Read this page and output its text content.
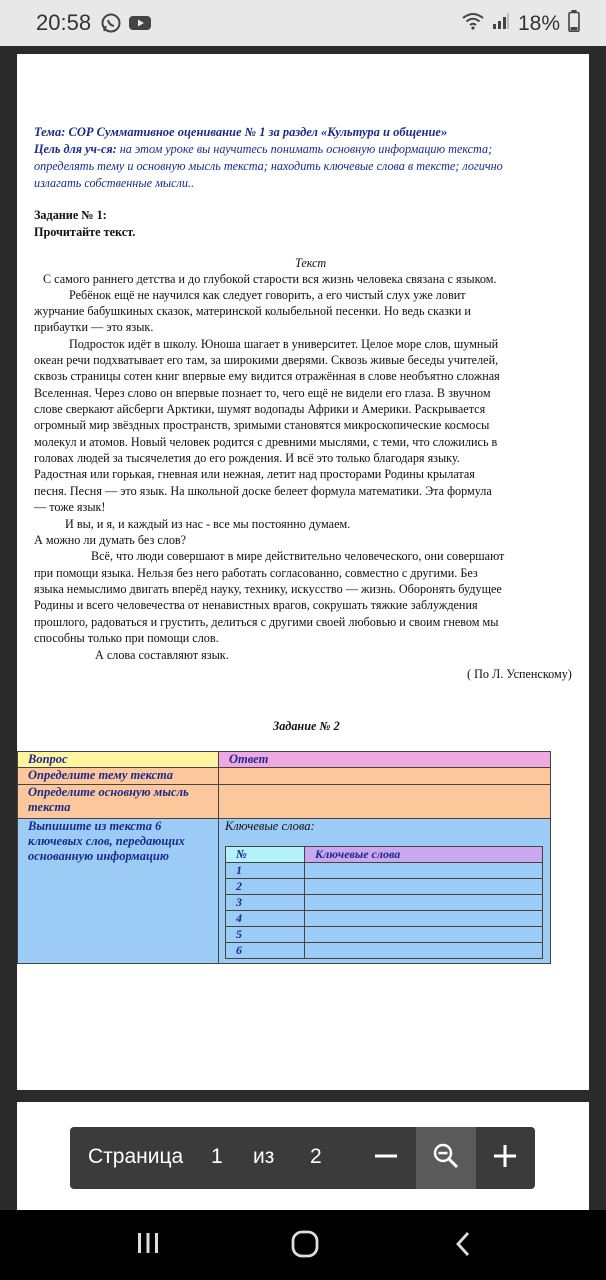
20:58	18%
Тема: СОР Суммативное оценивание № 1 за раздел «Культура и общение»
Цель для уч-ся: на этом уроке вы научитесь понимать основную информацию текста;
определять тему и основную мысль текста; находить ключевые слова в тексте; логично
излагать собственные мысли..
Задание № 1:
Прочитайте текст.
Текст
С самого раннего детства и до глубокой старости вся жизнь человека связана с языком.
Ребёнок ещё не научился как следует говорить, а его чистый слух уже ловит
журчание бабушкиных сказок, материнской колыбельной песенки. Но ведь сказки и
прибаутки — это язык.
Подросток идёт в школу. Юноша шагает в университет. Целое море слов, шумный
океан речи подхватывает его там, за широкими дверями. Сквозь живые беседы учителей,
сквозь страницы сотен книг впервые ему видится отражённая в слове необъятно сложная
Вселенная. Через слово он впервые познает то, чего ещё не видели его глаза. В звучном
слове сверкают айсберги Арктики, шумят водопады Африки и Америки. Раскрывается
огромный мир звёздных пространств, зримыми становятся микроскопические космосы
молекул и атомов. Новый человек родится с древними мыслями, с теми, что сложились в
головах людей за тысячелетия до его рождения. И всё это только благодаря языку.
Радостная или горькая, гневная или нежная, летит над просторами Родины крылатая
песня. Песня — это язык. На школьной доске белеет формула математики. Эта формула
— тоже язык!
И вы, и я, и каждый из нас - все мы постоянно думаем.
А можно ли думать без слов?
Всё, что люди совершают в мире действительно человеческого, они совершают
при помощи языка. Нельзя без него работать согласованно, совместно с другими. Без
языка немыслимо двигать вперёд науку, технику, искусство — жизнь. Оборонять будущее
Родины и всего человечества от ненавистных врагов, сокрушать тяжкие заблуждения
прошлого, радоваться и грустить, делиться с другими своей любовью и своим гневом мы
способны только при помощи слов.
А слова составляют язык.
( По Л. Успенскому)
Задание № 2
Вопрос	Ответ
Определите тему текста	
Определите основную мысль текста	
Выпишите из текста 6 ключевых слов, передающих основанную информацию	
Ключевые слова:
№	Ключевые слова
1	
2	
3	
4	
5	
6	
Страница 1 из 2
